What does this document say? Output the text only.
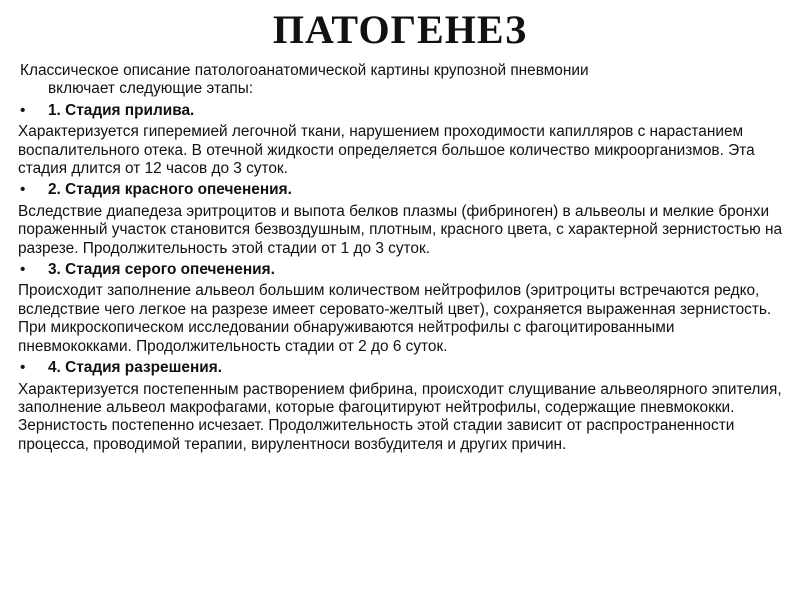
ПАТОГЕНЕЗ

Классическое описание патологоанатомической картины крупозной пневмонии
включает следующие этапы:

• 1. Стадия прилива.

Характеризуется гиперемией легочной ткани, нарушением проходимости капилляров с нарастанием воспалительного отека. В отечной жидкости определяется большое количество микроорганизмов. Эта стадия длится от 12 часов до 3 суток.

• 2. Стадия красного опеченения.

Вследствие диапедеза эритроцитов и выпота белков плазмы (фибриноген) в альвеолы и мелкие бронхи пораженный участок становится безвоздушным, плотным, красного цвета, с характерной зернистостью на разрезе. Продолжительность этой стадии от 1 до 3 суток.

• 3. Стадия серого опеченения.

Происходит заполнение альвеол большим количеством нейтрофилов (эритроциты встречаются редко, вследствие чего легкое на разрезе имеет серовато-желтый цвет), сохраняется выраженная зернистость. При микроскопическом исследовании обнаруживаются нейтрофилы с фагоцитированными пневмококками. Продолжительность стадии от 2 до 6 суток.

• 4. Стадия разрешения.

Характеризуется постепенным растворением фибрина, происходит слущивание альвеолярного эпителия, заполнение альвеол макрофагами, которые фагоцитируют нейтрофилы, содержащие пневмококки. Зернистость постепенно исчезает. Продолжительность этой стадии зависит от распространенности процесса, проводимой терапии, вирулентноси возбудителя и других причин.
